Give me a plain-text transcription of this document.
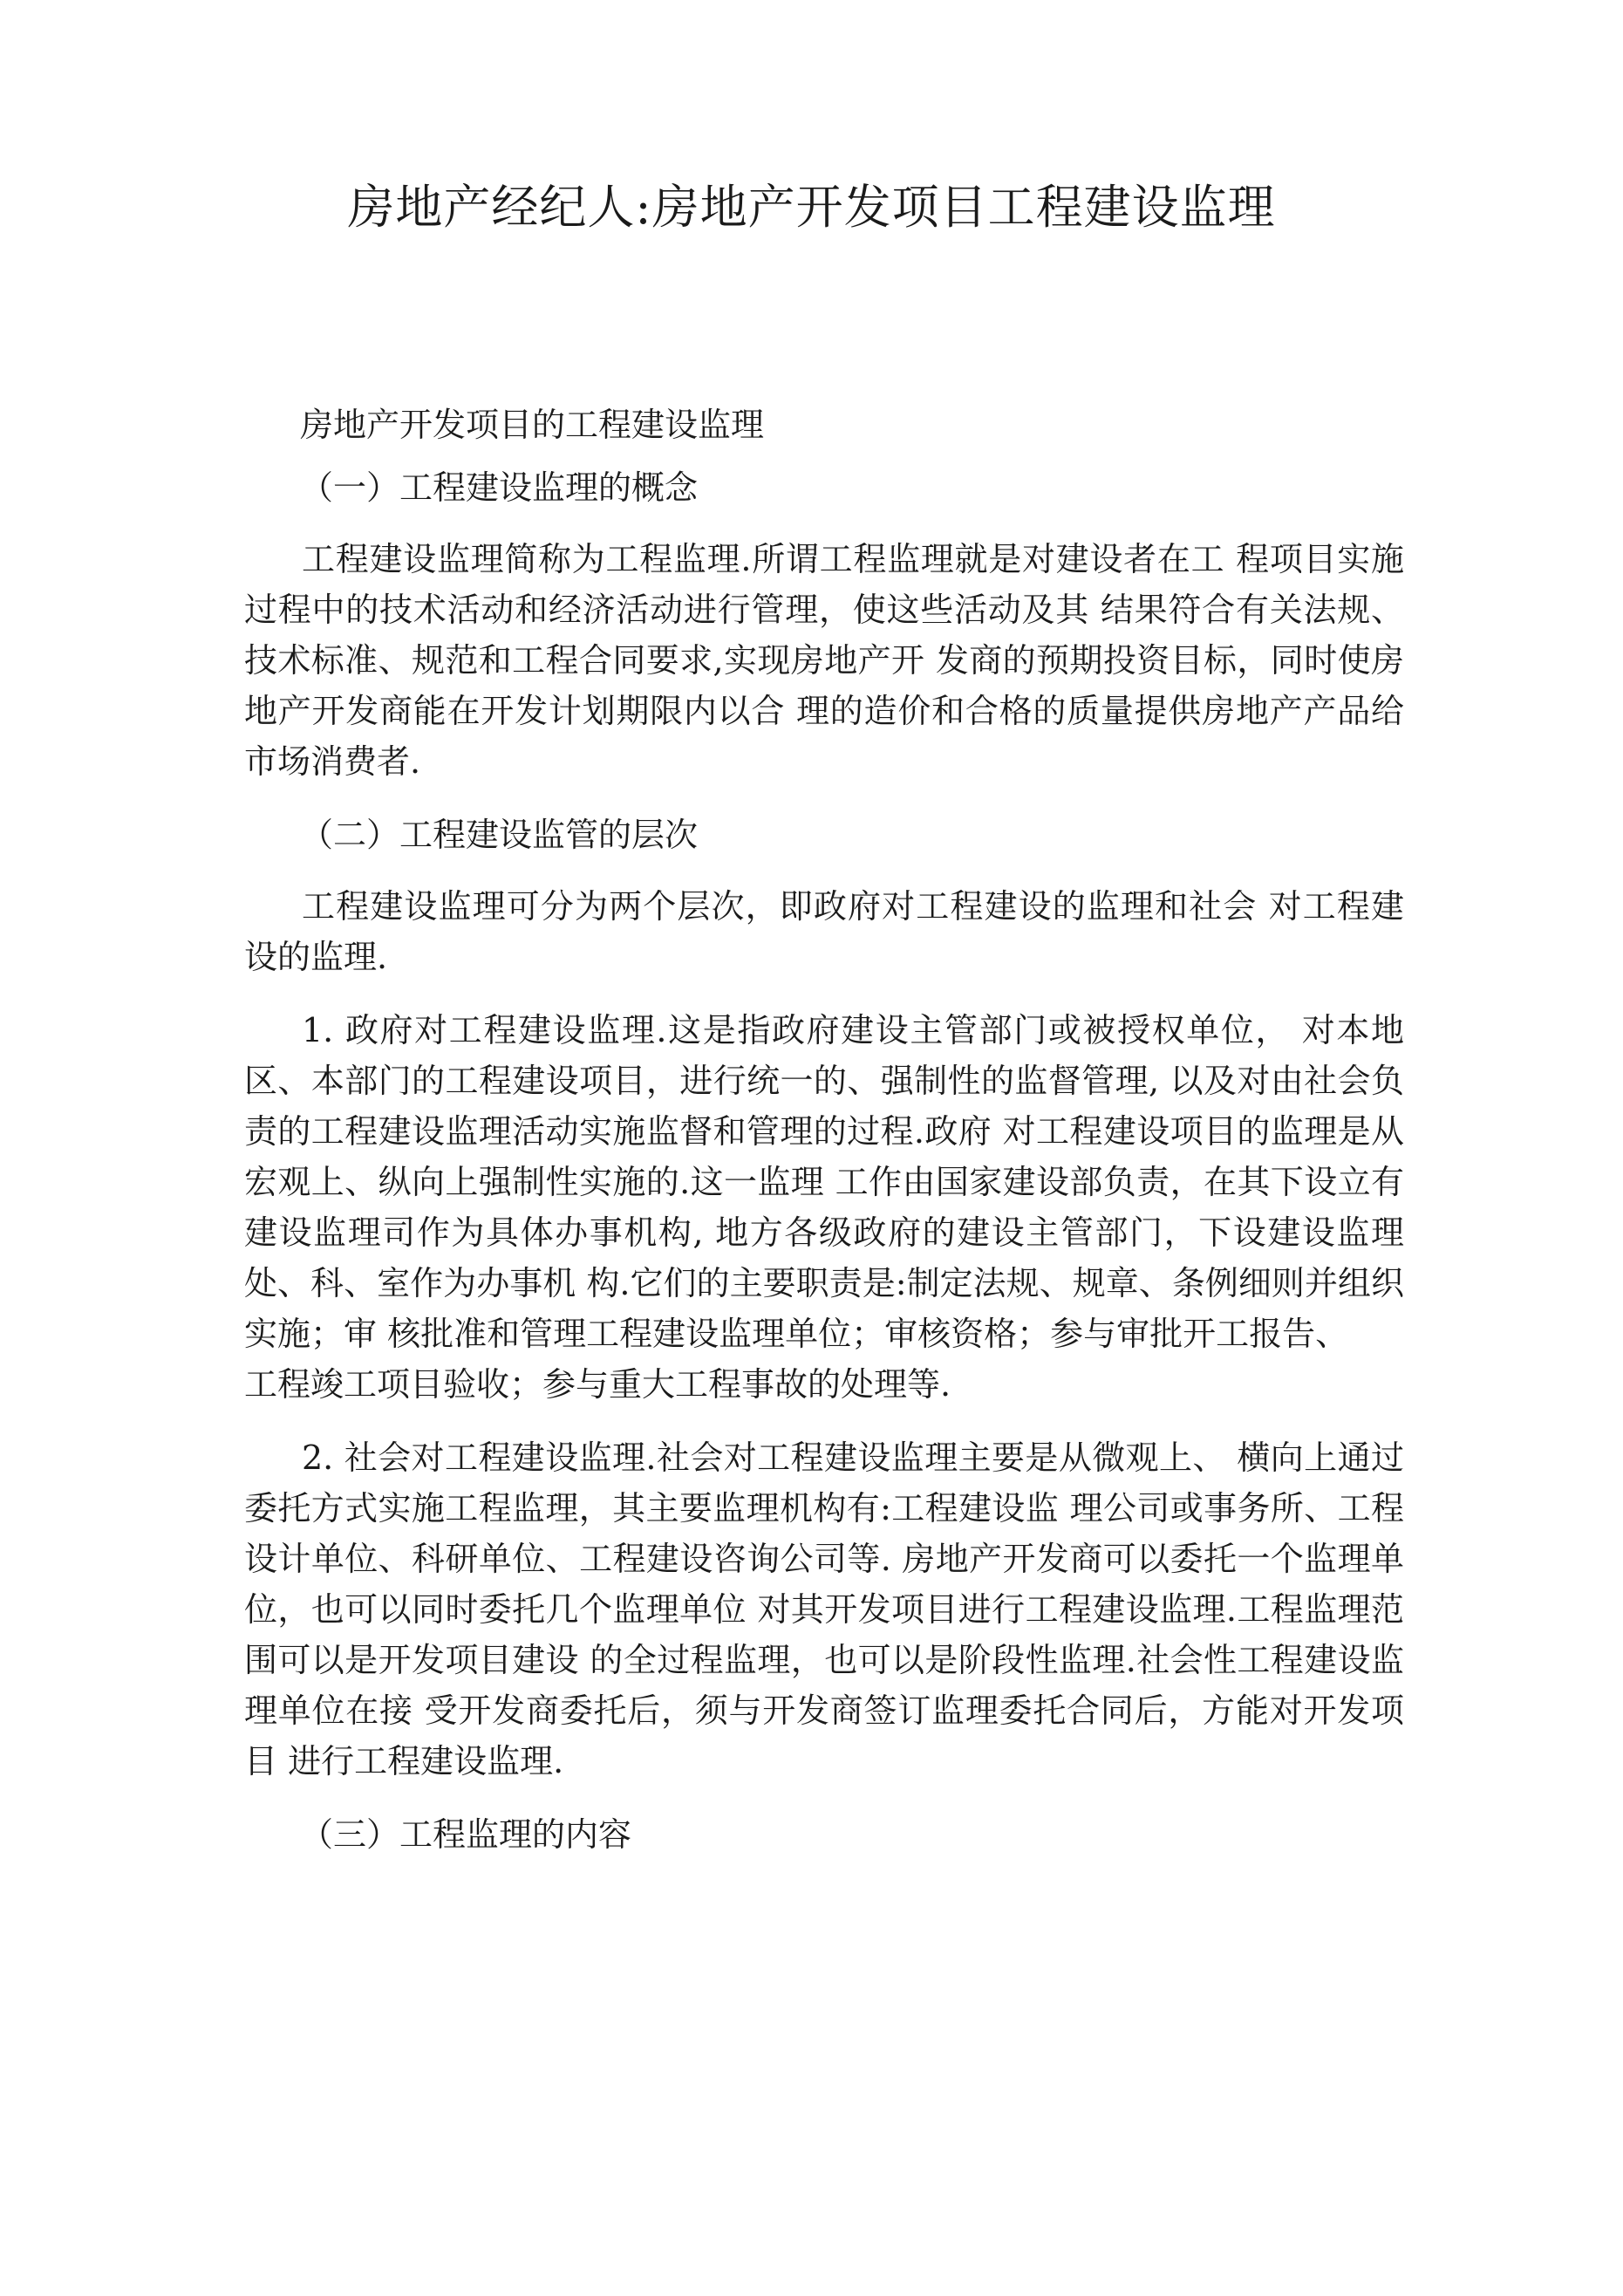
房地产经纪人:房地产开发项目工程建设监理

房地产开发项目的工程建设监理

（一）工程建设监理的概念

工程建设监理简称为工程监理.所谓工程监理就是对建设者在工 程项目实施过程中的技术活动和经济活动进行管理，使这些活动及其 结果符合有关法规、技术标准、规范和工程合同要求,实现房地产开 发商的预期投资目标，同时使房地产开发商能在开发计划期限内以合 理的造价和合格的质量提供房地产产品给市场消费者.

（二）工程建设监管的层次

工程建设监理可分为两个层次，即政府对工程建设的监理和社会 对工程建设的监理.

1. 政府对工程建设监理.这是指政府建设主管部门或被授权单位， 对本地区、本部门的工程建设项目，进行统一的、强制性的监督管理, 以及对由社会负责的工程建设监理活动实施监督和管理的过程.政府 对工程建设项目的监理是从宏观上、纵向上强制性实施的.这一监理 工作由国家建设部负责，在其下设立有建设监理司作为具体办事机构, 地方各级政府的建设主管部门，下设建设监理处、科、室作为办事机 构.它们的主要职责是:制定法规、规章、条例细则并组织实施；审 核批准和管理工程建设监理单位；审核资格；参与审批开工报告、

工程竣工项目验收；参与重大工程事故的处理等.

2. 社会对工程建设监理.社会对工程建设监理主要是从微观上、 横向上通过委托方式实施工程监理，其主要监理机构有:工程建设监 理公司或事务所、工程设计单位、科研单位、工程建设咨询公司等. 房地产开发商可以委托一个监理单位，也可以同时委托几个监理单位 对其开发项目进行工程建设监理.工程监理范围可以是开发项目建设 的全过程监理，也可以是阶段性监理.社会性工程建设监理单位在接 受开发商委托后，须与开发商签订监理委托合同后，方能对开发项目 进行工程建设监理.

（三）工程监理的内容
